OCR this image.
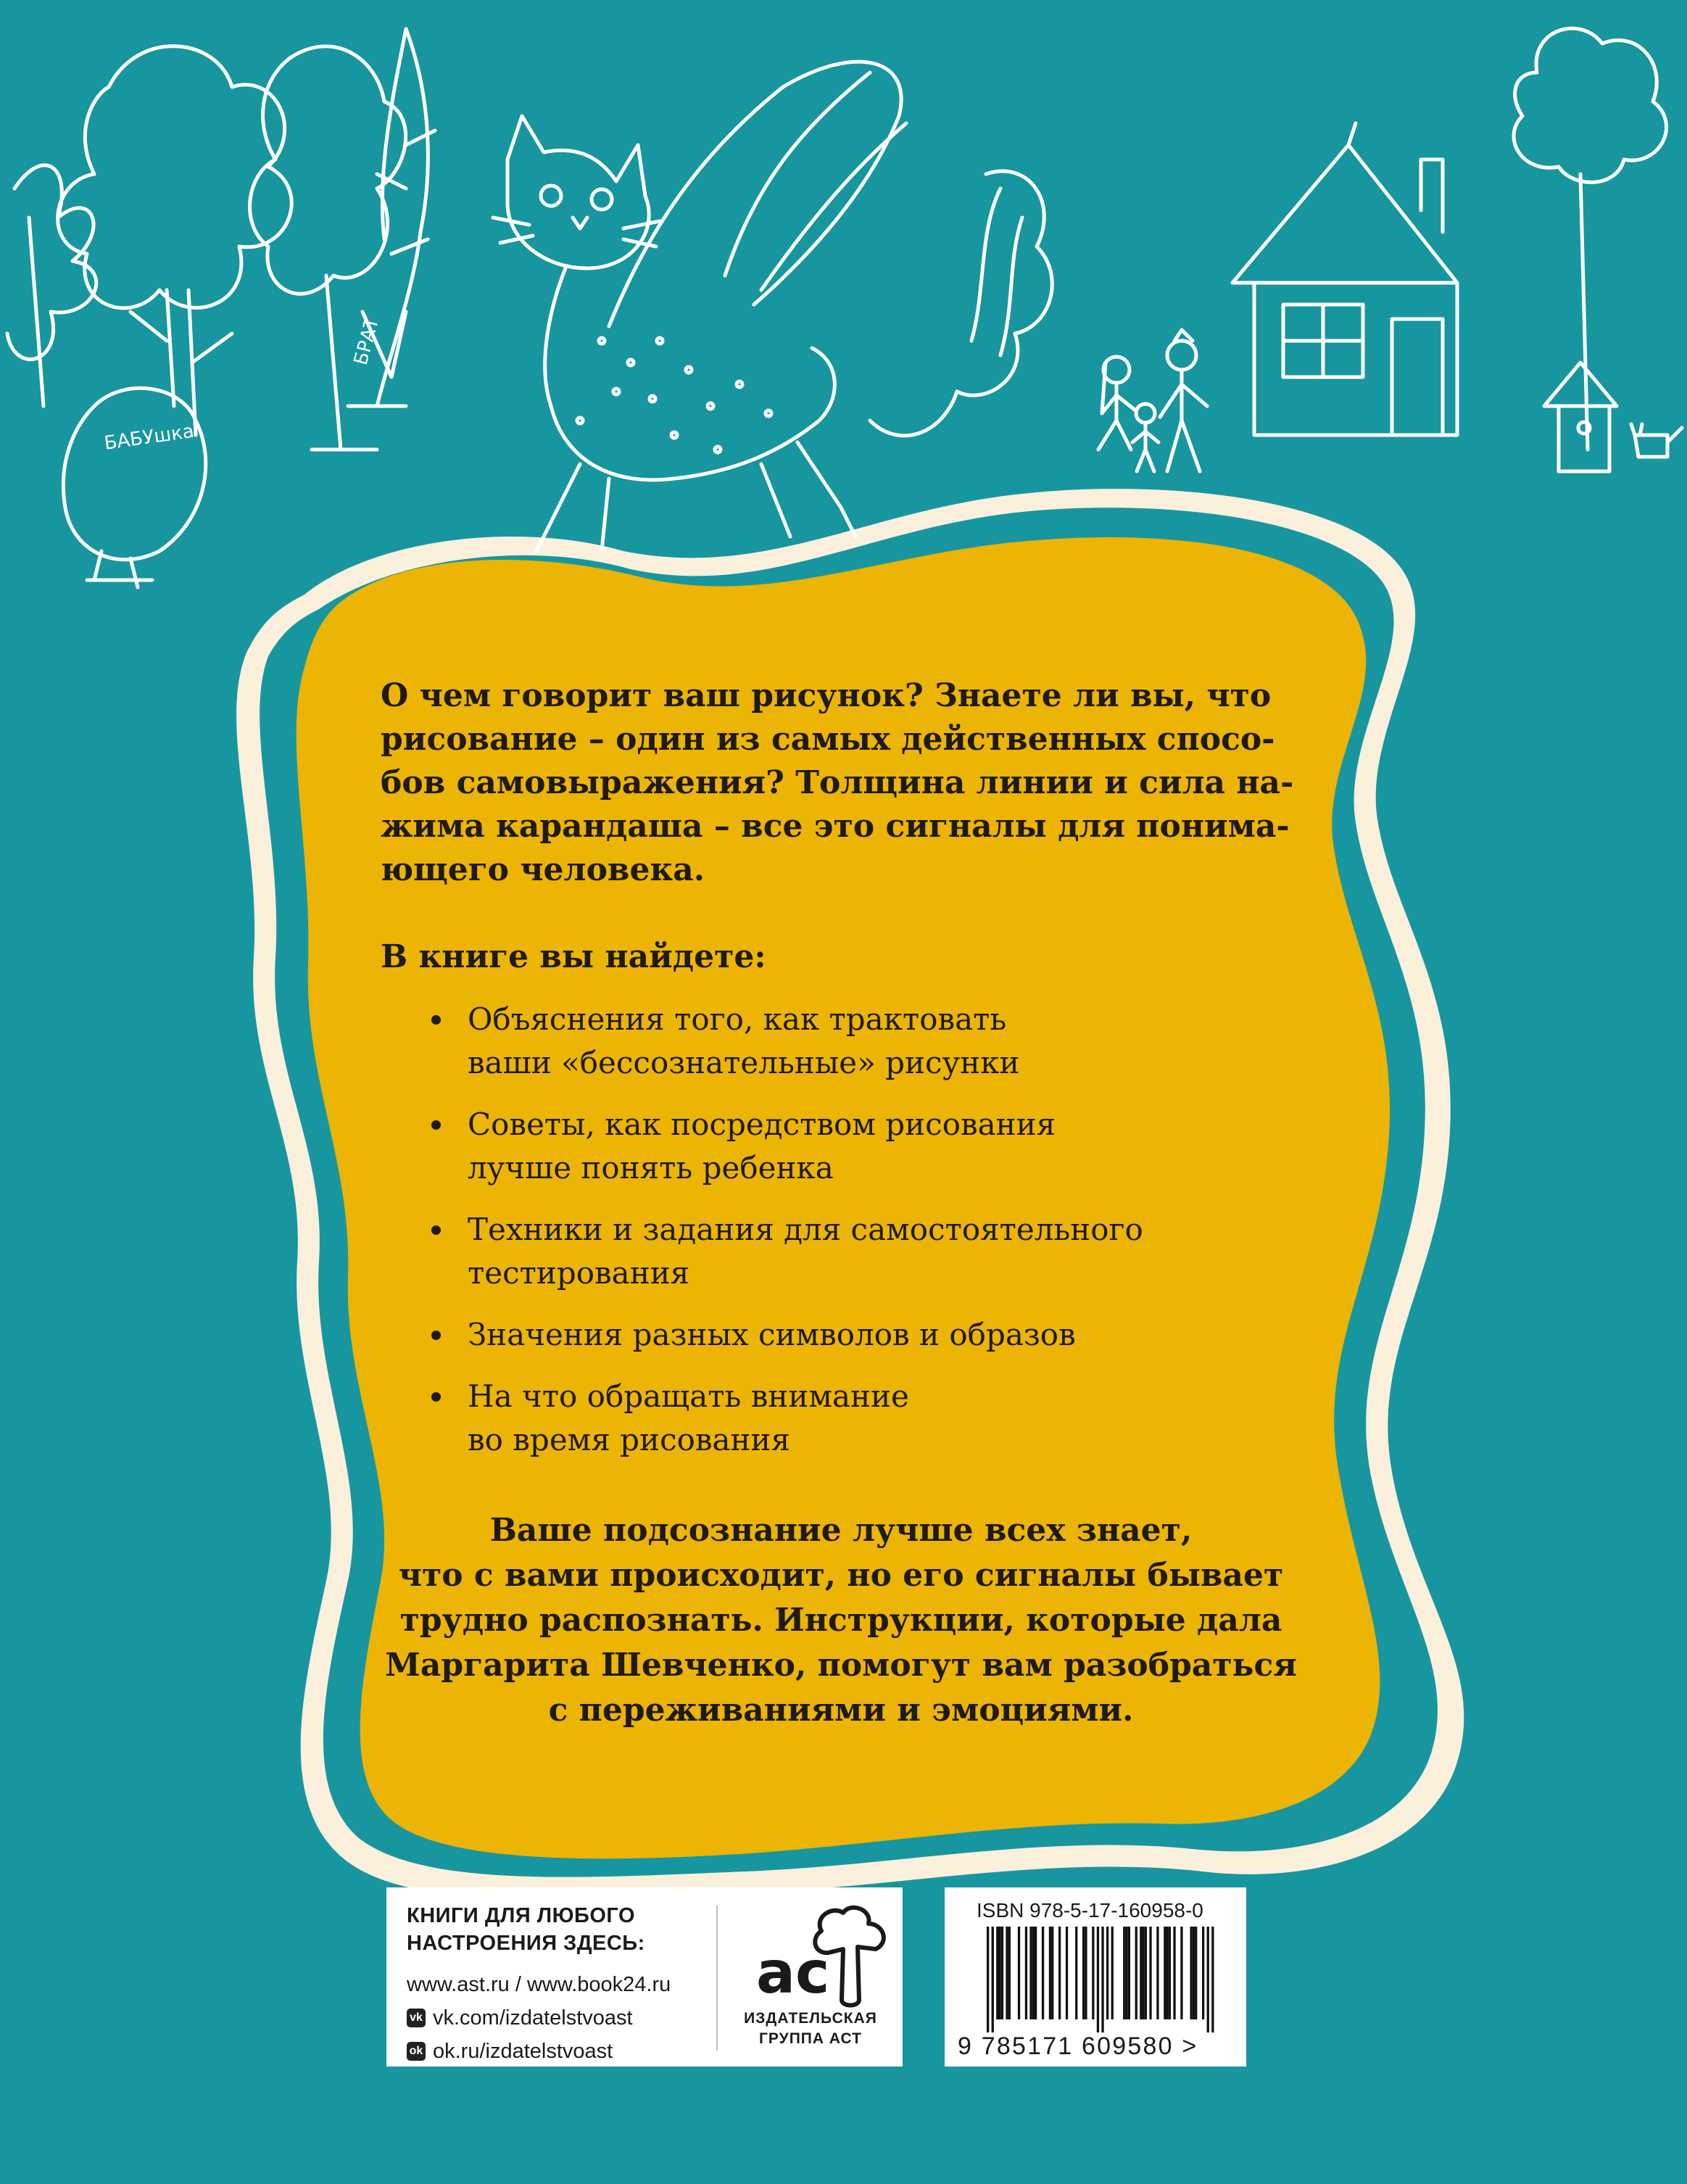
БАБУшка
БРАТ

О чем говорит ваш рисунок? Знаете ли вы, что
рисование – один из самых действенных спосо-
бов самовыражения? Толщина линии и сила на-
жима карандаша – все это сигналы для понима-
ющего человека.

В книге вы найдете:
Объяснения того, как трактовать
ваши «бессознательные» рисунки
Советы, как посредством рисования
лучше понять ребенка
Техники и задания для самостоятельного
тестирования
Значения разных символов и образов
На что обращать внимание
во время рисования
Ваше подсознание лучше всех знает,
что с вами происходит, но его сигналы бывает
трудно распознать. Инструкции, которые дала
Маргарита Шевченко, помогут вам разобраться
с переживаниями и эмоциями.
КНИГИ ДЛЯ ЛЮБОГО
НАСТРОЕНИЯ ЗДЕСЬ:
www.ast.ru / www.book24.ru
vk vk.com/izdatelstvoast
ok ok.ru/izdatelstvoast
ас
ИЗДАТЕЛЬСКАЯ
ГРУППА АСТ
ISBN 978-5-17-160958-0
9 785171 609580 >
